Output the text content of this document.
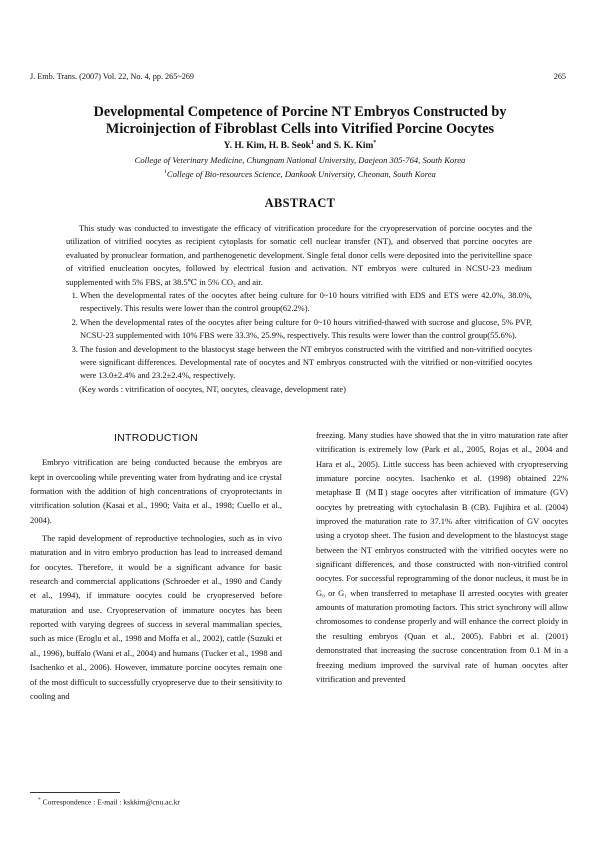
J. Emb. Trans. (2007) Vol. 22, No. 4, pp. 265~269	265
Developmental Competence of Porcine NT Embryos Constructed by
Microinjection of Fibroblast Cells into Vitrified Porcine Oocytes
Y. H. Kim, H. B. Seok$^1$ and S. K. Kim*
College of Veterinary Medicine, Chungnam National University, Daejeon 305-764, South Korea
$^1$College of Bio-resources Science, Dankook University, Cheonan, South Korea
ABSTRACT

This study was conducted to investigate the efficacy of vitrification procedure for the cryopreservation of porcine oocytes and the utilization of vitrified oocytes as recipient cytoplasts for somatic cell nuclear transfer (NT), and observed that porcine oocytes are evaluated by pronuclear formation, and parthenogenetic development. Single fetal donor cells were deposited into the perivitelline space of vitrified enucleation oocytes, followed by electrical fusion and activation. NT embryos were cultured in NCSU-23 medium supplemented with 5% FBS, at 38.5℃ in 5% CO₂ and air.

1. When the developmental rates of the oocytes after being culture for 0~10 hours vitrified with EDS and ETS were 42.0%, 38.0%, respectively. This results were lower than the control group(62.2%).
2. When the developmental rates of the oocytes after being culture for 0~10 hours vitrified-thawed with sucrose and glucose, 5% PVP, NCSU-23 supplemented with 10% FBS were 33.3%, 25.9%, respectively. This results were lower than the control group(55.6%).
3. The fusion and development to the blastocyst stage between the NT embryos constructed with the vitrified and non-vitrified oocytes were significant differences. Developmental rate of oocytes and NT embryos constructed with the vitrified or non-vitrified oocytes were 13.0±2.4% and 23.2±2.4%, respectively.

(Key words : vitrification of oocytes, NT, oocytes, cleavage, development rate)

INTRODUCTION

Embryo vitrification are being conducted because the embryos are kept in overcooling while preventing water from hydrating and ice crystal formation with the addition of high concentrations of cryoprotectants in vitrification solution (Kasai et al., 1990; Vaita et al., 1998; Cuello et al., 2004).

The rapid development of reproductive technologies, such as in vivo maturation and in vitro embryo production has lead to increased demand for oocytes. Therefore, it would be a significant advance for basic research and commercial applications (Schroeder et al., 1990 and Candy et al., 1994), if immature oocytes could be cryopreserved before maturation and use. Cryopreservation of immature oocytes has been reported with varying degrees of success in several mammalian species, such as mice (Eroglu et al., 1998 and Moffa et al., 2002), cattle (Suzuki et al., 1996), buffalo (Wani et al., 2004) and humans (Tucker et al., 1998 and Isachenko et al., 2006). However, immature porcine oocytes remain one of the most difficult to successfully cryopreserve due to their sensitivity to cooling and

freezing. Many studies have showed that the in vitro maturation rate after vitrification is extremely low (Park et al., 2005, Rojas et al., 2004 and Hara et al., 2005). Little success has been achieved with cryopreserving immature porcine oocytes. Isachenko et al. (1998) obtained 22% metaphase Ⅱ (MⅡ) stage oocytes after vitrification of immature (GV) oocytes by pretreating with cytochalasin B (CB). Fujihira et al. (2004) improved the maturation rate to 37.1% after vitrification of GV oocytes using a cryotop sheet. The fusion and development to the blastocyst stage between the NT embryos constructed with the vitrified oocytes were no significant differences, and those constructed with non-vitrified control oocytes. For successful reprogramming of the donor nucleus, it must be in G₀ or G₁ when transferred to metaphase II arrested oocytes with greater amounts of maturation promoting factors. This strict synchrony will allow chromosomes to condense properly and will enhance the correct ploidy in the resulting embryos (Quan et al., 2005). Fabbri et al. (2001) demonstrated that increasing the sucrose concentration from 0.1 M in a freezing medium improved the survival rate of human oocytes after vitrification and prevented

* Correspondence : E-mail : kskkim@cnu.ac.kr
